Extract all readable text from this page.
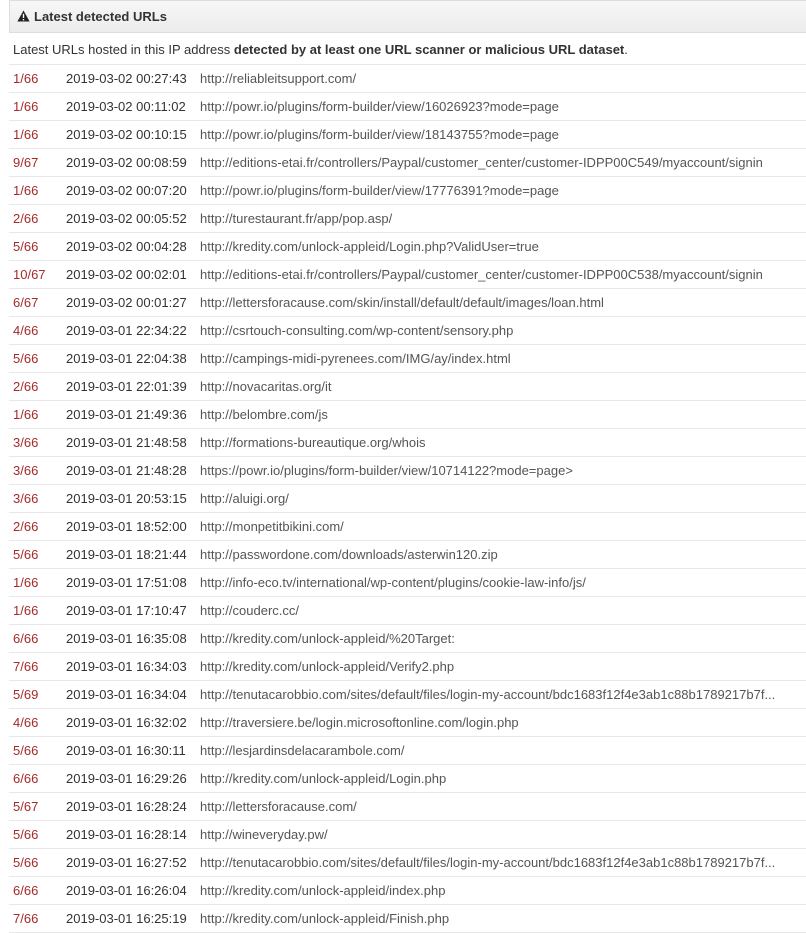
Latest detected URLs
Latest URLs hosted in this IP address detected by at least one URL scanner or malicious URL dataset.
1/66	2019-03-02 00:27:43	http://reliableitsupport.com/
1/66	2019-03-02 00:11:02	http://powr.io/plugins/form-builder/view/16026923?mode=page
1/66	2019-03-02 00:10:15	http://powr.io/plugins/form-builder/view/18143755?mode=page
9/67	2019-03-02 00:08:59	http://editions-etai.fr/controllers/Paypal/customer_center/customer-IDPP00C549/myaccount/signin
1/66	2019-03-02 00:07:20	http://powr.io/plugins/form-builder/view/17776391?mode=page
2/66	2019-03-02 00:05:52	http://turestaurant.fr/app/pop.asp/
5/66	2019-03-02 00:04:28	http://kredity.com/unlock-appleid/Login.php?ValidUser=true
10/67	2019-03-02 00:02:01	http://editions-etai.fr/controllers/Paypal/customer_center/customer-IDPP00C538/myaccount/signin
6/67	2019-03-02 00:01:27	http://lettersforacause.com/skin/install/default/default/images/loan.html
4/66	2019-03-01 22:34:22	http://csrtouch-consulting.com/wp-content/sensory.php
5/66	2019-03-01 22:04:38	http://campings-midi-pyrenees.com/IMG/ay/index.html
2/66	2019-03-01 22:01:39	http://novacaritas.org/it
1/66	2019-03-01 21:49:36	http://belombre.com/js
3/66	2019-03-01 21:48:58	http://formations-bureautique.org/whois
3/66	2019-03-01 21:48:28	https://powr.io/plugins/form-builder/view/10714122?mode=page>
3/66	2019-03-01 20:53:15	http://aluigi.org/
2/66	2019-03-01 18:52:00	http://monpetitbikini.com/
5/66	2019-03-01 18:21:44	http://passwordone.com/downloads/asterwin120.zip
1/66	2019-03-01 17:51:08	http://info-eco.tv/international/wp-content/plugins/cookie-law-info/js/
1/66	2019-03-01 17:10:47	http://couderc.cc/
6/66	2019-03-01 16:35:08	http://kredity.com/unlock-appleid/%20Target:
7/66	2019-03-01 16:34:03	http://kredity.com/unlock-appleid/Verify2.php
5/69	2019-03-01 16:34:04	http://tenutacarobbio.com/sites/default/files/login-my-account/bdc1683f12f4e3ab1c88b1789217b7f...
4/66	2019-03-01 16:32:02	http://traversiere.be/login.microsoftonline.com/login.php
5/66	2019-03-01 16:30:11	http://lesjardinsdelacarambole.com/
6/66	2019-03-01 16:29:26	http://kredity.com/unlock-appleid/Login.php
5/67	2019-03-01 16:28:24	http://lettersforacause.com/
5/66	2019-03-01 16:28:14	http://wineveryday.pw/
5/66	2019-03-01 16:27:52	http://tenutacarobbio.com/sites/default/files/login-my-account/bdc1683f12f4e3ab1c88b1789217b7f...
6/66	2019-03-01 16:26:04	http://kredity.com/unlock-appleid/index.php
7/66	2019-03-01 16:25:19	http://kredity.com/unlock-appleid/Finish.php
